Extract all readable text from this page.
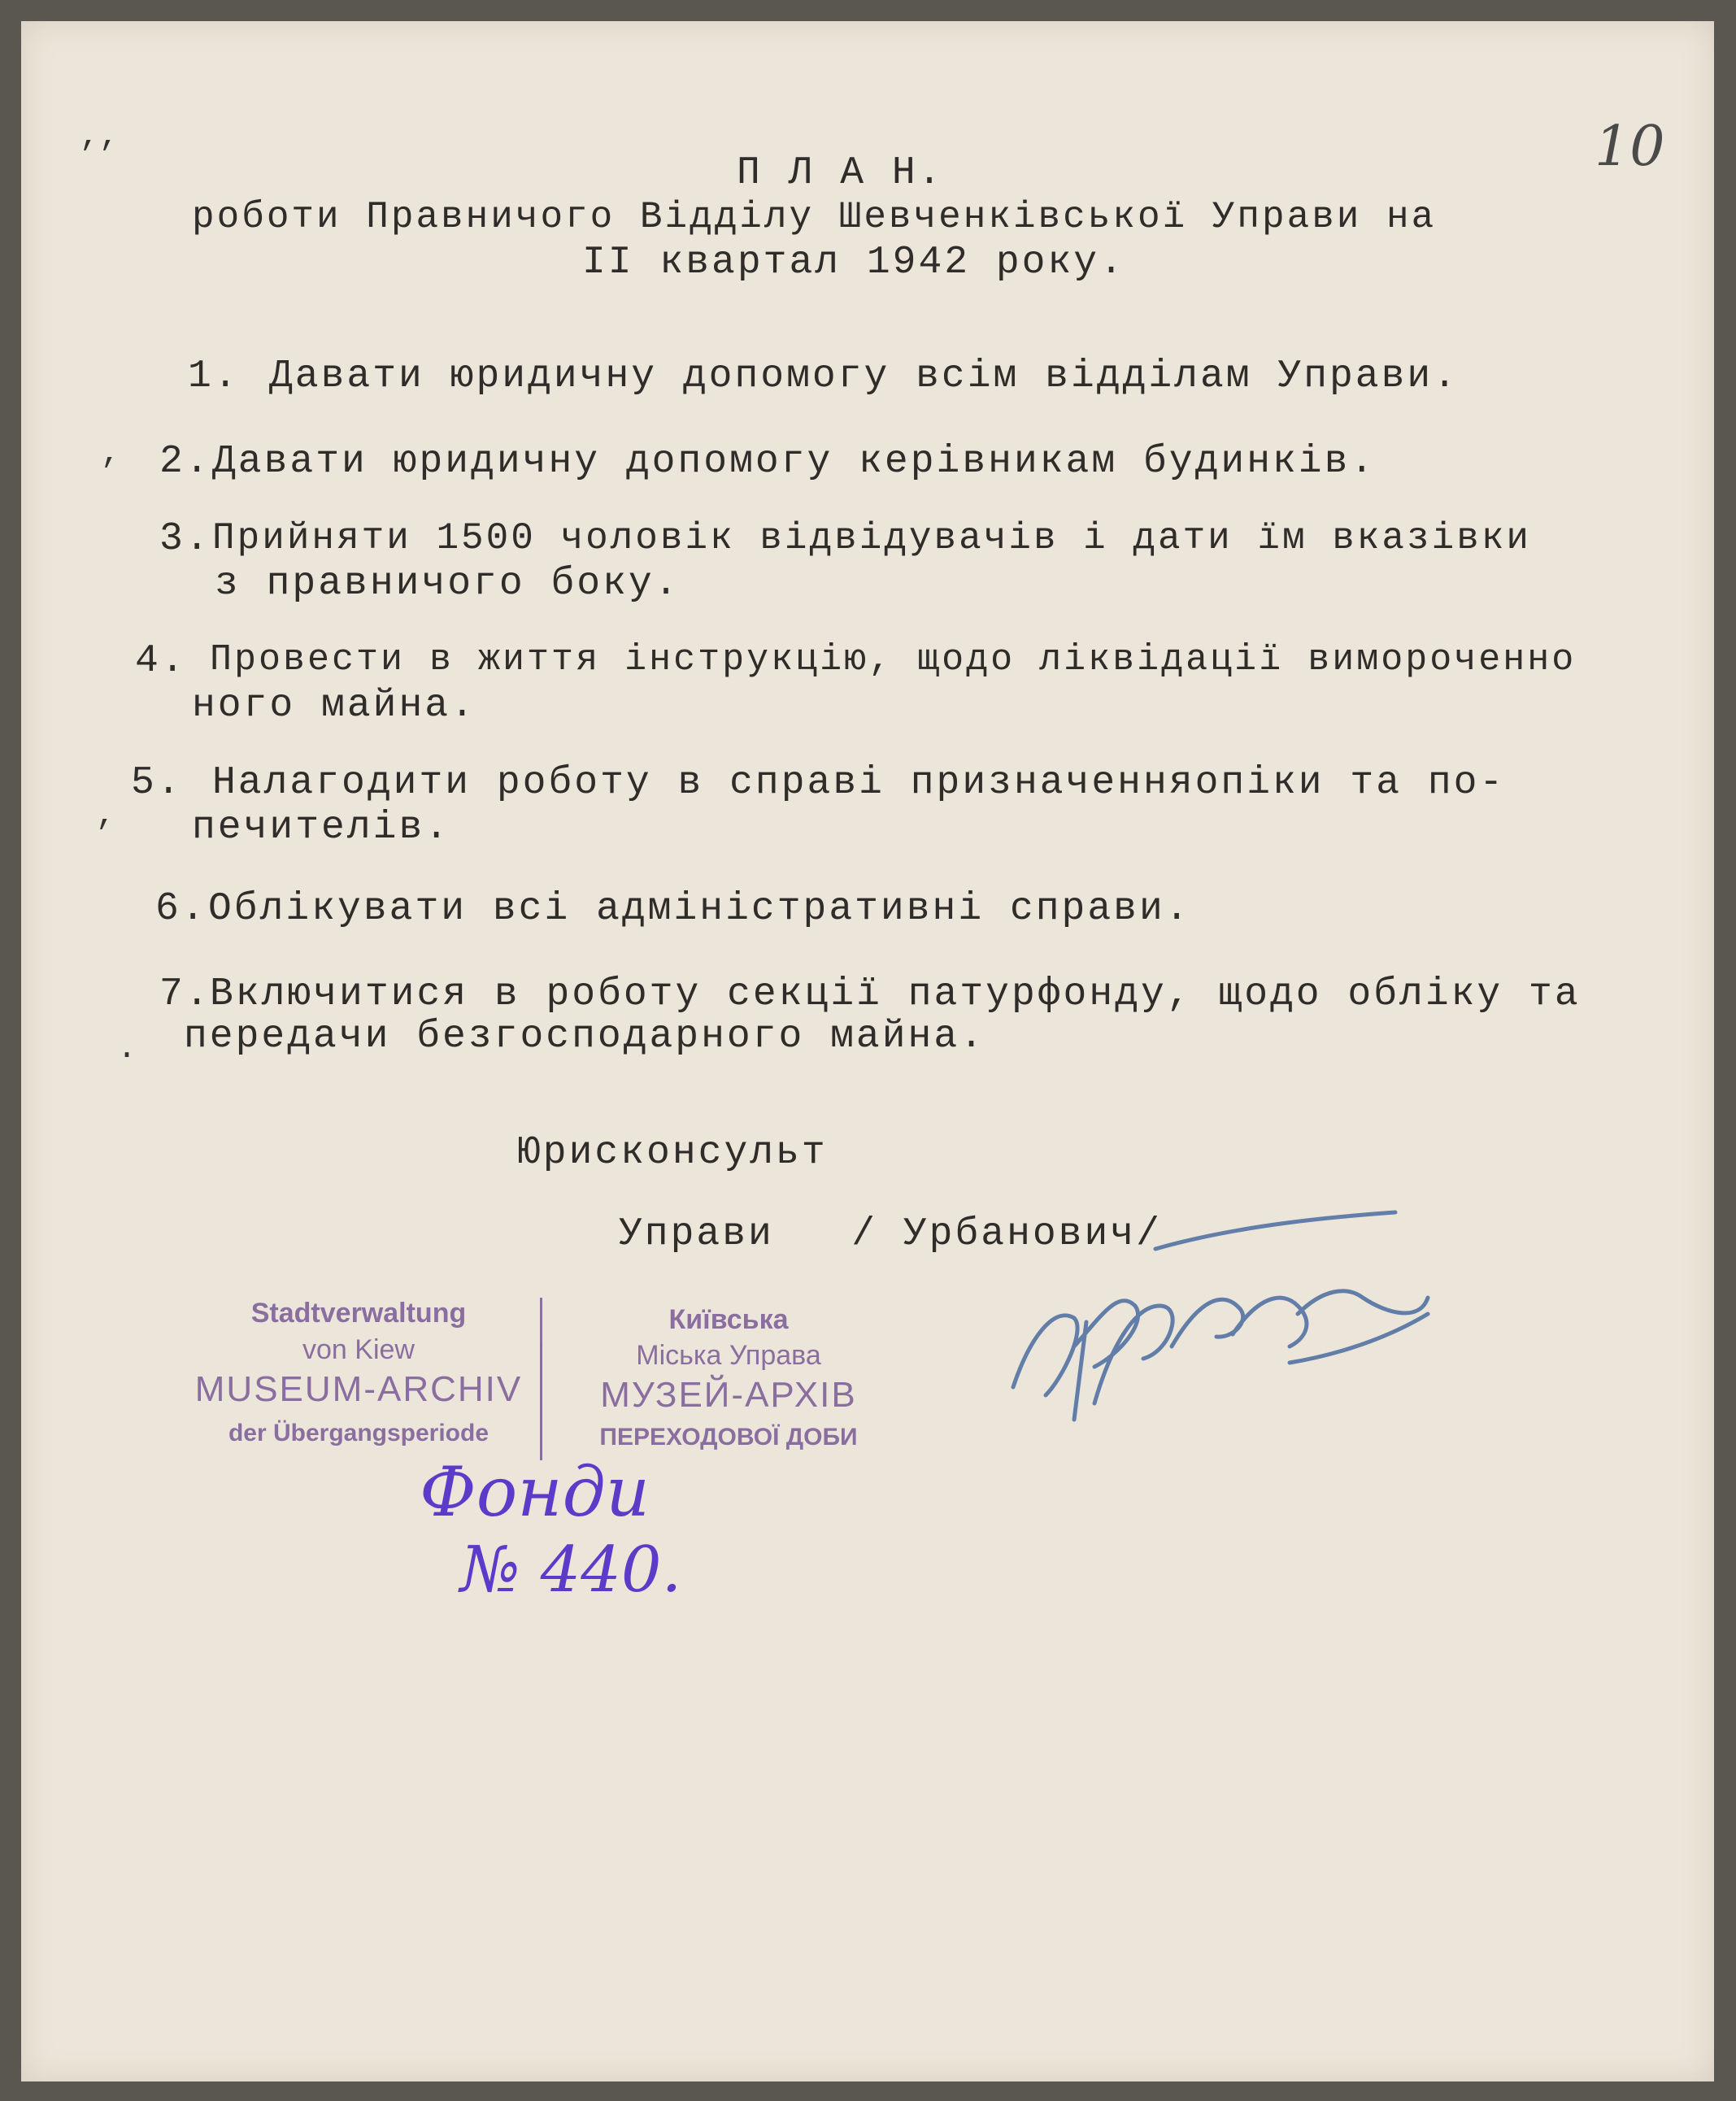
10
,,
,
,
·
П Л А Н.
роботи Правничого Відділу Шевченківської Управи на
II квартал 1942 року.
1. Давати юридичну допомогу всім відділам Управи.
2. Давати юридичну допомогу керівникам будинків.
3. Прийняти 1500 чоловік відвідувачів і дати їм вказівки
з правничого боку.
4. Провести в життя інструкцію, щодо ліквідації вимороченно
ного майна.
5. Налагодити роботу в справі призначенняопіки та по-
печителів.
6. Облікувати всі адміністративні справи.
7.
Включитися в роботу секції патурфонду, щодо обліку та
передачи безгосподарного майна.
Юрисконсульт
Управи   / Урбанович/
Stadtverwaltung
von Kiew
MUSEUM-ARCHIV
der Übergangsperiode
Київська
Міська Управа
МУЗЕЙ-АРХІВ
ПЕРЕХОДОВОЇ ДОБИ
Фонди
№ 440.
